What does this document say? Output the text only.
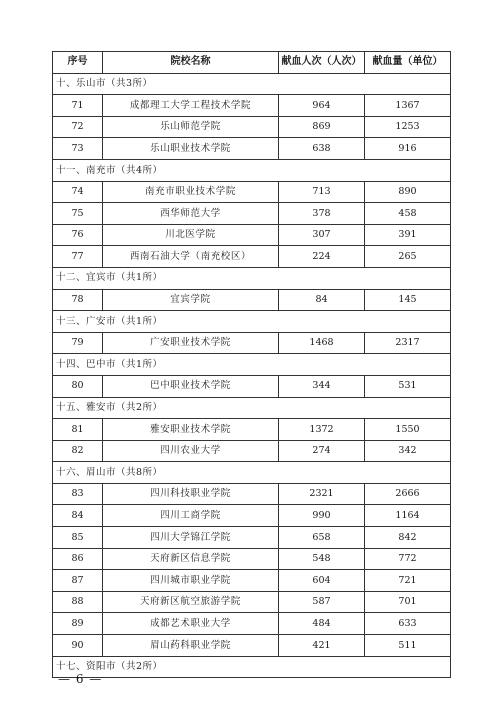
序号	院校名称	献血人次（人次）	献血量（单位）
十、乐山市（共3所）			
71	成都理工大学工程技术学院	964	1367
72	乐山师范学院	869	1253
73	乐山职业技术学院	638	916
十一、南充市（共4所）			
74	南充市职业技术学院	713	890
75	西华师范大学	378	458
76	川北医学院	307	391
77	西南石油大学（南充校区）	224	265
十二、宜宾市（共1所）			
78	宜宾学院	84	145
十三、广安市（共1所）			
79	广安职业技术学院	1468	2317
十四、巴中市（共1所）			
80	巴中职业技术学院	344	531
十五、雅安市（共2所）			
81	雅安职业技术学院	1372	1550
82	四川农业大学	274	342
十六、眉山市（共8所）			
83	四川科技职业学院	2321	2666
84	四川工商学院	990	1164
85	四川大学锦江学院	658	842
86	天府新区信息学院	548	772
87	四川城市职业学院	604	721
88	天府新区航空旅游学院	587	701
89	成都艺术职业大学	484	633
90	眉山药科职业学院	421	511
十七、资阳市（共2所）			
— 6 —
